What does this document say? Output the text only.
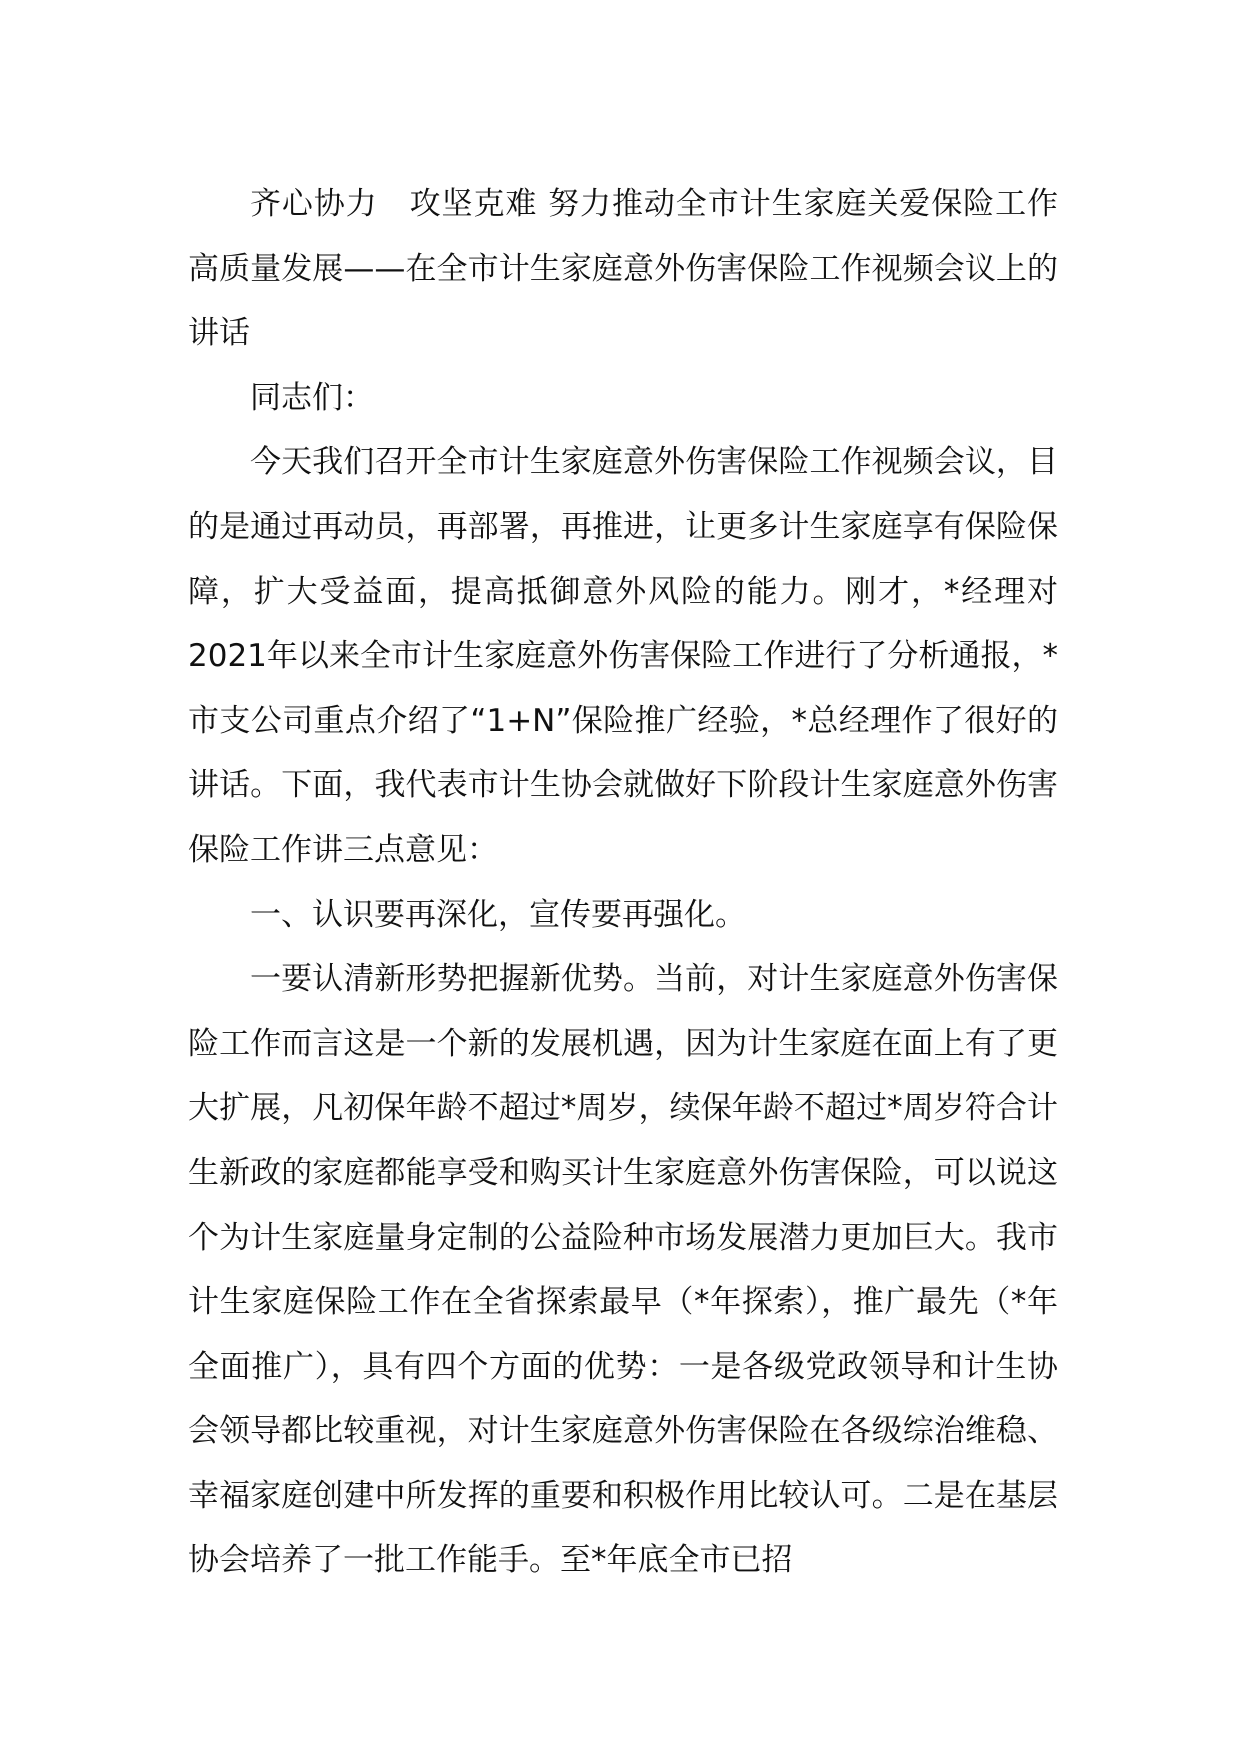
齐心协力　攻坚克难 努力推动全市计生家庭关爱保险工作高质量发展——在全市计生家庭意外伤害保险工作视频会议上的讲话

同志们：

今天我们召开全市计生家庭意外伤害保险工作视频会议，目的是通过再动员，再部署，再推进，让更多计生家庭享有保险保障，扩大受益面，提高抵御意外风险的能力。刚才，*经理对2021年以来全市计生家庭意外伤害保险工作进行了分析通报，*市支公司重点介绍了“1+N”保险推广经验，*总经理作了很好的讲话。下面，我代表市计生协会就做好下阶段计生家庭意外伤害保险工作讲三点意见：

一、认识要再深化，宣传要再强化。

一要认清新形势把握新优势。当前，对计生家庭意外伤害保险工作而言这是一个新的发展机遇，因为计生家庭在面上有了更大扩展，凡初保年龄不超过*周岁，续保年龄不超过*周岁符合计生新政的家庭都能享受和购买计生家庭意外伤害保险，可以说这个为计生家庭量身定制的公益险种市场发展潜力更加巨大。我市计生家庭保险工作在全省探索最早（*年探索），推广最先（*年全面推广），具有四个方面的优势：一是各级党政领导和计生协会领导都比较重视，对计生家庭意外伤害保险在各级综治维稳、幸福家庭创建中所发挥的重要和积极作用比较认可。二是在基层协会培养了一批工作能手。至*年底全市已招
